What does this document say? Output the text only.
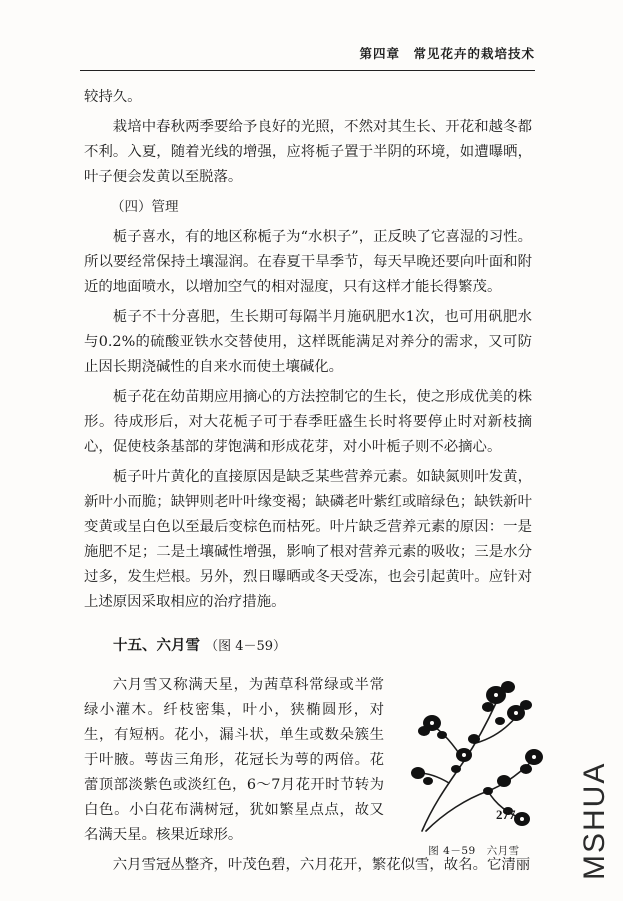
第四章　常见花卉的栽培技术

较持久。

栽培中春秋两季要给予良好的光照，不然对其生长、开花和越冬都不利。入夏，随着光线的增强，应将栀子置于半阴的环境，如遭曝晒，叶子便会发黄以至脱落。

（四）管理

栀子喜水，有的地区称栀子为“水枳子”，正反映了它喜湿的习性。所以要经常保持土壤湿润。在春夏干旱季节，每天早晚还要向叶面和附近的地面喷水，以增加空气的相对湿度，只有这样才能长得繁茂。

栀子不十分喜肥，生长期可每隔半月施矾肥水1次，也可用矾肥水与0.2%的硫酸亚铁水交替使用，这样既能满足对养分的需求，又可防止因长期浇碱性的自来水而使土壤碱化。

栀子花在幼苗期应用摘心的方法控制它的生长，使之形成优美的株形。待成形后，对大花栀子可于春季旺盛生长时将要停止时对新枝摘心，促使枝条基部的芽饱满和形成花芽，对小叶栀子则不必摘心。

栀子叶片黄化的直接原因是缺乏某些营养元素。如缺氮则叶发黄，新叶小而脆；缺钾则老叶叶缘变褐；缺磷老叶紫红或暗绿色；缺铁新叶变黄或呈白色以至最后变棕色而枯死。叶片缺乏营养元素的原因：一是施肥不足；二是土壤碱性增强，影响了根对营养元素的吸收；三是水分过多，发生烂根。另外，烈日曝晒或冬天受冻，也会引起黄叶。应针对上述原因采取相应的治疗措施。

十五、六月雪 （图 4－59）

六月雪又称满天星，为茜草科常绿或半常绿小灌木。纤枝密集，叶小，狭椭圆形，对生，有短柄。花小，漏斗状，单生或数朵簇生于叶腋。萼齿三角形，花冠长为萼的两倍。花蕾顶部淡紫色或淡红色，6～7月花开时节转为白色。小白花布满树冠，犹如繁星点点，故又名满天星。核果近球形。

图 4－59　六月雪

六月雪冠丛整齐，叶茂色碧，六月花开，繁花似雪，故名。它清丽

277 MSHUA
